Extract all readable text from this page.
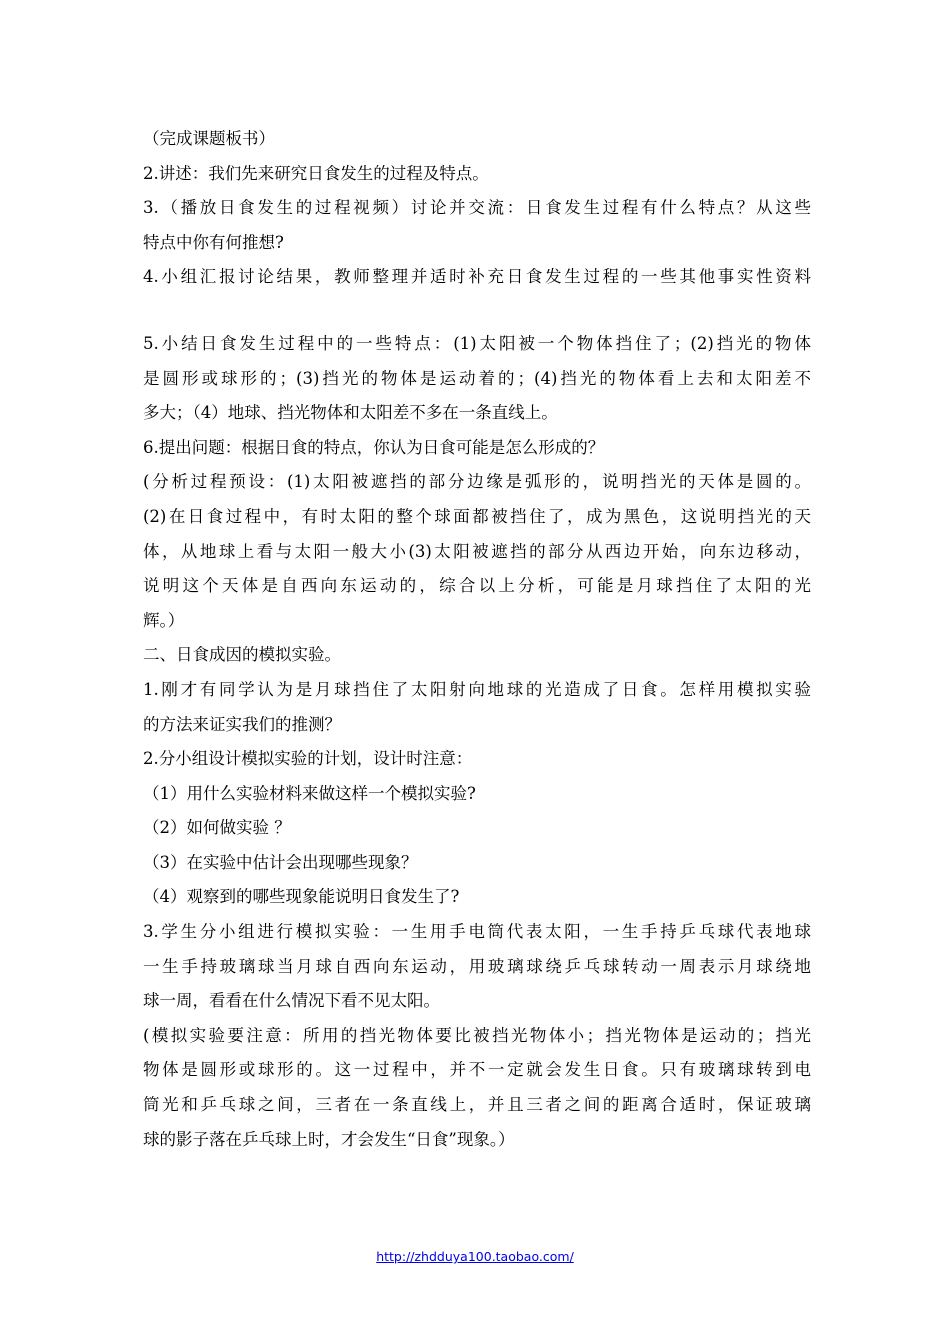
（完成课题板书）
2.讲述：我们先来研究日食发生的过程及特点。
3.（播放日食发生的过程视频）讨论并交流：日食发生过程有什么特点？从这些
特点中你有何推想?
4.小组汇报讨论结果，教师整理并适时补充日食发生过程的一些其他事实性资料
5.小结日食发生过程中的一些特点：(1)太阳被一个物体挡住了；(2)挡光的物体
是圆形或球形的；(3)挡光的物体是运动着的；(4)挡光的物体看上去和太阳差不
多大；（4）地球、挡光物体和太阳差不多在一条直线上。
6.提出问题：根据日食的特点，你认为日食可能是怎么形成的？
(分析过程预设：(1)太阳被遮挡的部分边缘是弧形的，说明挡光的天体是圆的。
(2)在日食过程中，有时太阳的整个球面都被挡住了，成为黑色，这说明挡光的天
体，从地球上看与太阳一般大小(3)太阳被遮挡的部分从西边开始，向东边移动，
说明这个天体是自西向东运动的，综合以上分析，可能是月球挡住了太阳的光
辉。）
二、日食成因的模拟实验。
1.刚才有同学认为是月球挡住了太阳射向地球的光造成了日食。怎样用模拟实验
的方法来证实我们的推测？
2.分小组设计模拟实验的计划，设计时注意：
（1）用什么实验材料来做这样一个模拟实验?
（2）如何做实验 ？
（3）在实验中估计会出现哪些现象？
（4）观察到的哪些现象能说明日食发生了?
3.学生分小组进行模拟实验：一生用手电筒代表太阳，一生手持乒乓球代表地球
一生手持玻璃球当月球自西向东运动，用玻璃球绕乒乓球转动一周表示月球绕地
球一周，看看在什么情况下看不见太阳。
(模拟实验要注意：所用的挡光物体要比被挡光物体小；挡光物体是运动的；挡光
物体是圆形或球形的。这一过程中，并不一定就会发生日食。只有玻璃球转到电
筒光和乒乓球之间，三者在一条直线上，并且三者之间的距离合适时，保证玻璃
球的影子落在乒乓球上时，才会发生“日食”现象。）
http://zhdduya100.taobao.com/
